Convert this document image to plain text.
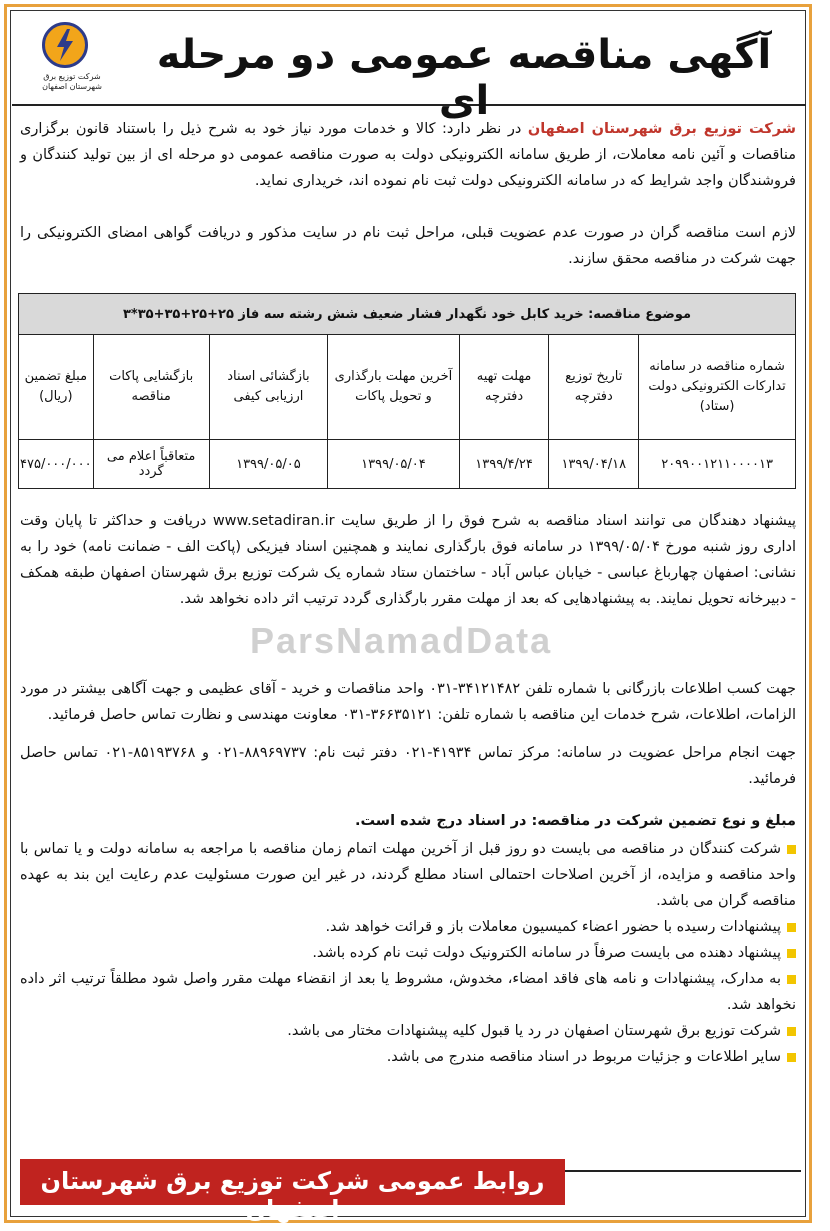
شرکت توزیع برق
شهرستان اصفهان
آگهی مناقصه عمومی دو مرحله ای
شرکت توزیع برق شهرستان اصفهان در نظر دارد: کالا و خدمات مورد نیاز خود به شرح ذیل را باستناد قانون برگزاری مناقصات و آئین نامه معاملات، از طریق سامانه الکترونیکی دولت به صورت مناقصه عمومی دو مرحله ای از بین تولید کنندگان و فروشندگان واجد شرایط که در سامانه الکترونیکی دولت ثبت نام نموده اند، خریداری نماید.
لازم است مناقصه گران در صورت عدم عضویت قبلی، مراحل ثبت نام در سایت مذکور و دریافت گواهی امضای الکترونیکی را جهت شرکت در مناقصه محقق سازند.
موضوع مناقصه: خرید کابل خود نگهدار فشار ضعیف شش رشته سه فاز ۲۵+۲۵+۳۵+۳۵*۳						
شماره مناقصه در سامانه تدارکات الکترونیکی دولت (ستاد)	تاریخ توزیع دفترچه	مهلت تهیه دفترچه	آخرین مهلت بارگذاری و تحویل پاکات	بازگشائی اسناد ارزیابی کیفی	بازگشایی پاکات مناقصه	مبلغ تضمین (ریال)
۲۰۹۹۰۰۱۲۱۱۰۰۰۰۱۳	۱۳۹۹/۰۴/۱۸	۱۳۹۹/۴/۲۴	۱۳۹۹/۰۵/۰۴	۱۳۹۹/۰۵/۰۵	متعاقباً اعلام می گردد	۴۷۵/۰۰۰/۰۰۰
ParsNamadData
پیشنهاد دهندگان می توانند اسناد مناقصه به شرح فوق را از طریق سایت www.setadiran.ir دریافت و حداکثر تا پایان وقت اداری روز شنبه مورخ ۱۳۹۹/۰۵/۰۴ در سامانه فوق بارگذاری نمایند و همچنین اسناد فیزیکی (پاکت الف - ضمانت نامه) خود را به نشانی: اصفهان چهارباغ عباسی - خیابان عباس آباد - ساختمان ستاد شماره یک شرکت توزیع برق شهرستان اصفهان طبقه همکف - دبیرخانه تحویل نمایند. به پیشنهادهایی که بعد از مهلت مقرر بارگذاری گردد ترتیب اثر داده نخواهد شد.
جهت کسب اطلاعات بازرگانی با شماره تلفن ۳۴۱۲۱۴۸۲-۰۳۱ واحد مناقصات و خرید - آقای عظیمی و جهت آگاهی بیشتر در مورد الزامات، اطلاعات، شرح خدمات این مناقصه با شماره تلفن: ۳۶۶۳۵۱۲۱-۰۳۱ معاونت مهندسی و نظارت تماس حاصل فرمائید.
جهت انجام مراحل عضویت در سامانه: مرکز تماس ۴۱۹۳۴-۰۲۱ دفتر ثبت نام: ۸۸۹۶۹۷۳۷-۰۲۱ و ۸۵۱۹۳۷۶۸-۰۲۱ تماس حاصل فرمائید.
مبلغ و نوع تضمین شرکت در مناقصه: در اسناد درج شده است.
شرکت کنندگان در مناقصه می بایست دو روز قبل از آخرین مهلت اتمام زمان مناقصه با مراجعه به سامانه دولت و یا تماس با واحد مناقصه و مزایده، از آخرین اصلاحات احتمالی اسناد مطلع گردند، در غیر این صورت مسئولیت عدم رعایت این بند به عهده مناقصه گران می باشد.
پیشنهادات رسیده با حضور اعضاء کمیسیون معاملات باز و قرائت خواهد شد.
پیشنهاد دهنده می بایست صرفاً در سامانه الکترونیک دولت ثبت نام کرده باشد.
به مدارک، پیشنهادات و نامه های فاقد امضاء، مخدوش، مشروط یا بعد از انقضاء مهلت مقرر واصل شود مطلقاً ترتیب اثر داده نخواهد شد.
شرکت توزیع برق شهرستان اصفهان در رد یا قبول کلیه پیشنهادات مختار می باشد.
سایر اطلاعات و جزئیات مربوط در اسناد مناقصه مندرج می باشد.
روابط عمومی شرکت توزیع برق شهرستان اصفهان
